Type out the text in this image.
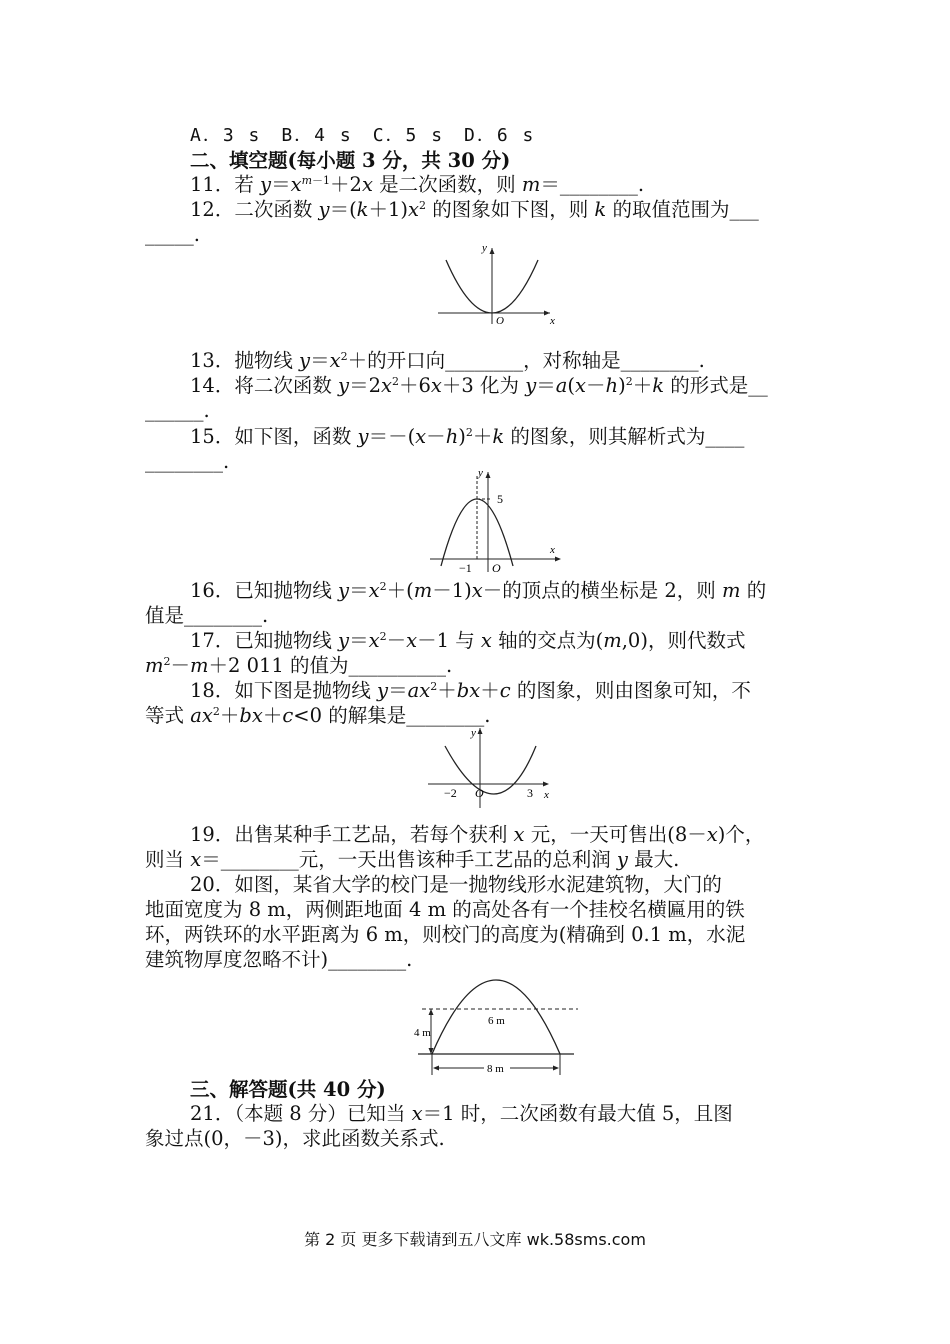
A．3 s　B．4 s　C．5 s　D．6 s
二、填空题(每小题 3 分，共 30 分)
11．若 $y=x^{m-1}+2x$ 是二次函数，则 m＝________.
12．二次函数 $y=(k+1)x^2$ 的图象如下图，则 k 的取值范围为___
_____.
y
x
O
13．抛物线 $y=x^2+$的开口向________，对称轴是________.
14．将二次函数 $y=2x^2+6x+3$ 化为 $y=a(x-h)^2+k$ 的形式是__
______.
15．如下图，函数 $y=-(x-h)^2+k$ 的图象，则其解析式为____
________.	y
x
O
−1
5
16．已知抛物线 $y=x^2+(m-1)x-$的顶点的横坐标是 2，则 m 的
值是________.
17．已知抛物线 $y=x^2-x-1$ 与 x 轴的交点为(m,0)，则代数式
$m^2-m+2$ 011 的值为__________.
18．如下图是抛物线 $y=ax^2+bx+c$ 的图象，则由图象可知，不
等式 $ax^2+bx+c<0$ 的解集是________.
y
x
O
−2	3
19．出售某种手工艺品，若每个获利 x 元，一天可售出(8－x)个，
则当 x＝________元，一天出售该种手工艺品的总利润 y 最大.
20．如图，某省大学的校门是一抛物线形水泥建筑物，大门的
地面宽度为 8 m，两侧距地面 4 m 的高处各有一个挂校名横匾用的铁
环，两铁环的水平距离为 6 m，则校门的高度为(精确到 0.1 m，水泥
建筑物厚度忽略不计)________.
4 m
6 m
8 m
三、解答题(共 40 分)
21．（本题 8 分）已知当 x＝1 时，二次函数有最大值 5，且图
象过点(0，－3)，求此函数关系式.
第 2 页 更多下载请到五八文库 wk.58sms.com
